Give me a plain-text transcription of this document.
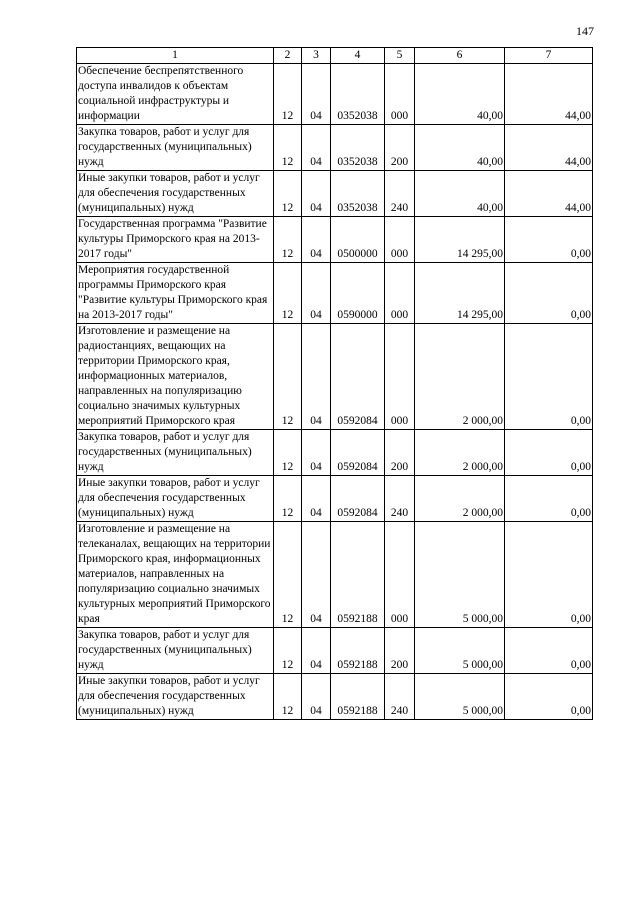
147
1	2	3	4	5	6	7
Обеспечение беспрепятственного доступа инвалидов к объектам социальной инфраструктуры и информации	12	04	0352038	000	40,00	44,00
Закупка товаров, работ и услуг для государственных (муниципальных) нужд	12	04	0352038	200	40,00	44,00
Иные закупки товаров, работ и услуг для обеспечения государственных (муниципальных) нужд	12	04	0352038	240	40,00	44,00
Государственная программа "Развитие культуры Приморского края на 2013-2017 годы"	12	04	0500000	000	14 295,00	0,00
Мероприятия государственной программы Приморского края "Развитие культуры Приморского края на 2013-2017 годы"	12	04	0590000	000	14 295,00	0,00
Изготовление и размещение на радиостанциях, вещающих на территории Приморского края, информационных материалов, направленных на популяризацию социально значимых культурных мероприятий Приморского края	12	04	0592084	000	2 000,00	0,00
Закупка товаров, работ и услуг для государственных (муниципальных) нужд	12	04	0592084	200	2 000,00	0,00
Иные закупки товаров, работ и услуг для обеспечения государственных (муниципальных) нужд	12	04	0592084	240	2 000,00	0,00
Изготовление и размещение на телеканалах, вещающих на территории Приморского края, информационных материалов, направленных на популяризацию социально значимых культурных мероприятий Приморского края	12	04	0592188	000	5 000,00	0,00
Закупка товаров, работ и услуг для государственных (муниципальных) нужд	12	04	0592188	200	5 000,00	0,00
Иные закупки товаров, работ и услуг для обеспечения государственных (муниципальных) нужд	12	04	0592188	240	5 000,00	0,00
